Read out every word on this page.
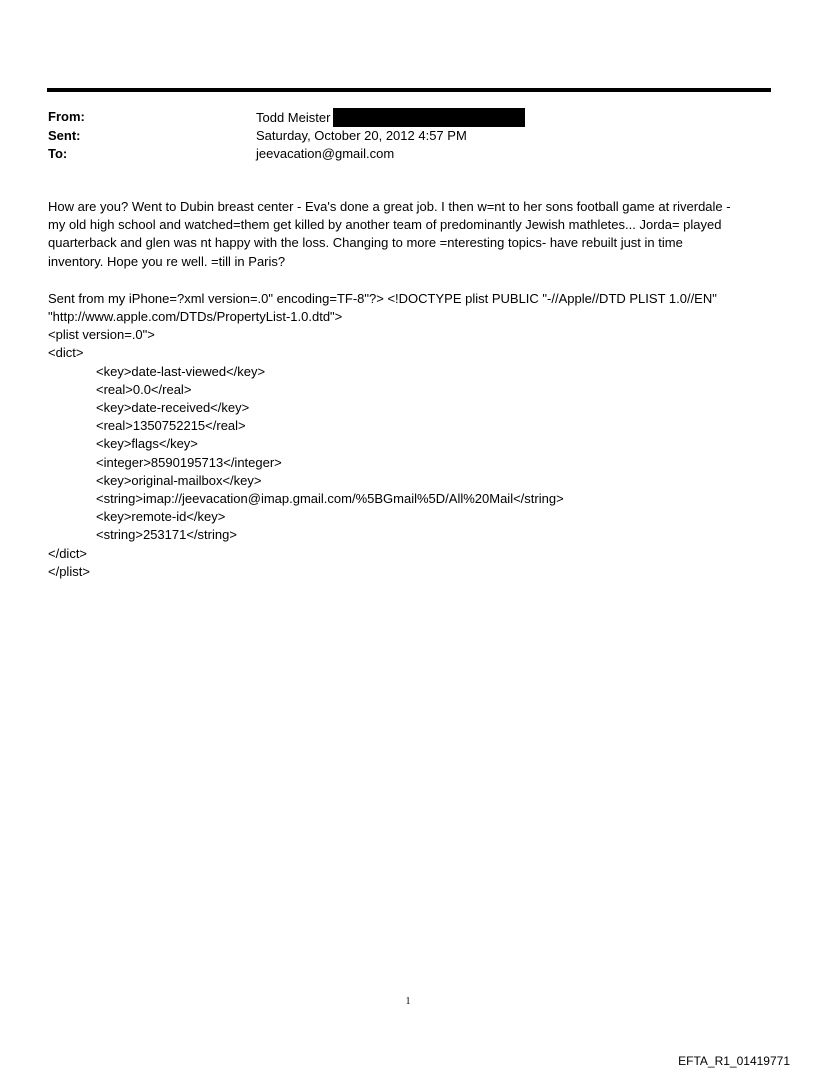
From:	Todd Meister
Sent:	Saturday, October 20, 2012 4:57 PM
To:	jeevacation@gmail.com

How are you? Went to Dubin breast center - Eva's done a great job. I then w=nt to her sons football game at riverdale -

my old high school and watched=them get killed by another team of predominantly Jewish mathletes... Jorda= played

quarterback and glen was nt happy with the loss. Changing to more =nteresting topics- have rebuilt just in time

inventory. Hope you re well. =till in Paris?

Sent from my iPhone=?xml version=.0" encoding=TF-8"?> <!DOCTYPE plist PUBLIC "-//Apple//DTD PLIST 1.0//EN"

"http://www.apple.com/DTDs/PropertyList-1.0.dtd">

<plist version=.0">

<dict>

<key>date-last-viewed</key>

<real>0.0</real>

<key>date-received</key>

<real>1350752215</real>

<key>flags</key>

<integer>8590195713</integer>

<key>original-mailbox</key>

<string>imap://jeevacation@imap.gmail.com/%5BGmail%5D/All%20Mail</string>

<key>remote-id</key>

<string>253171</string>

</dict>

</plist>

1
EFTA_R1_01419771
